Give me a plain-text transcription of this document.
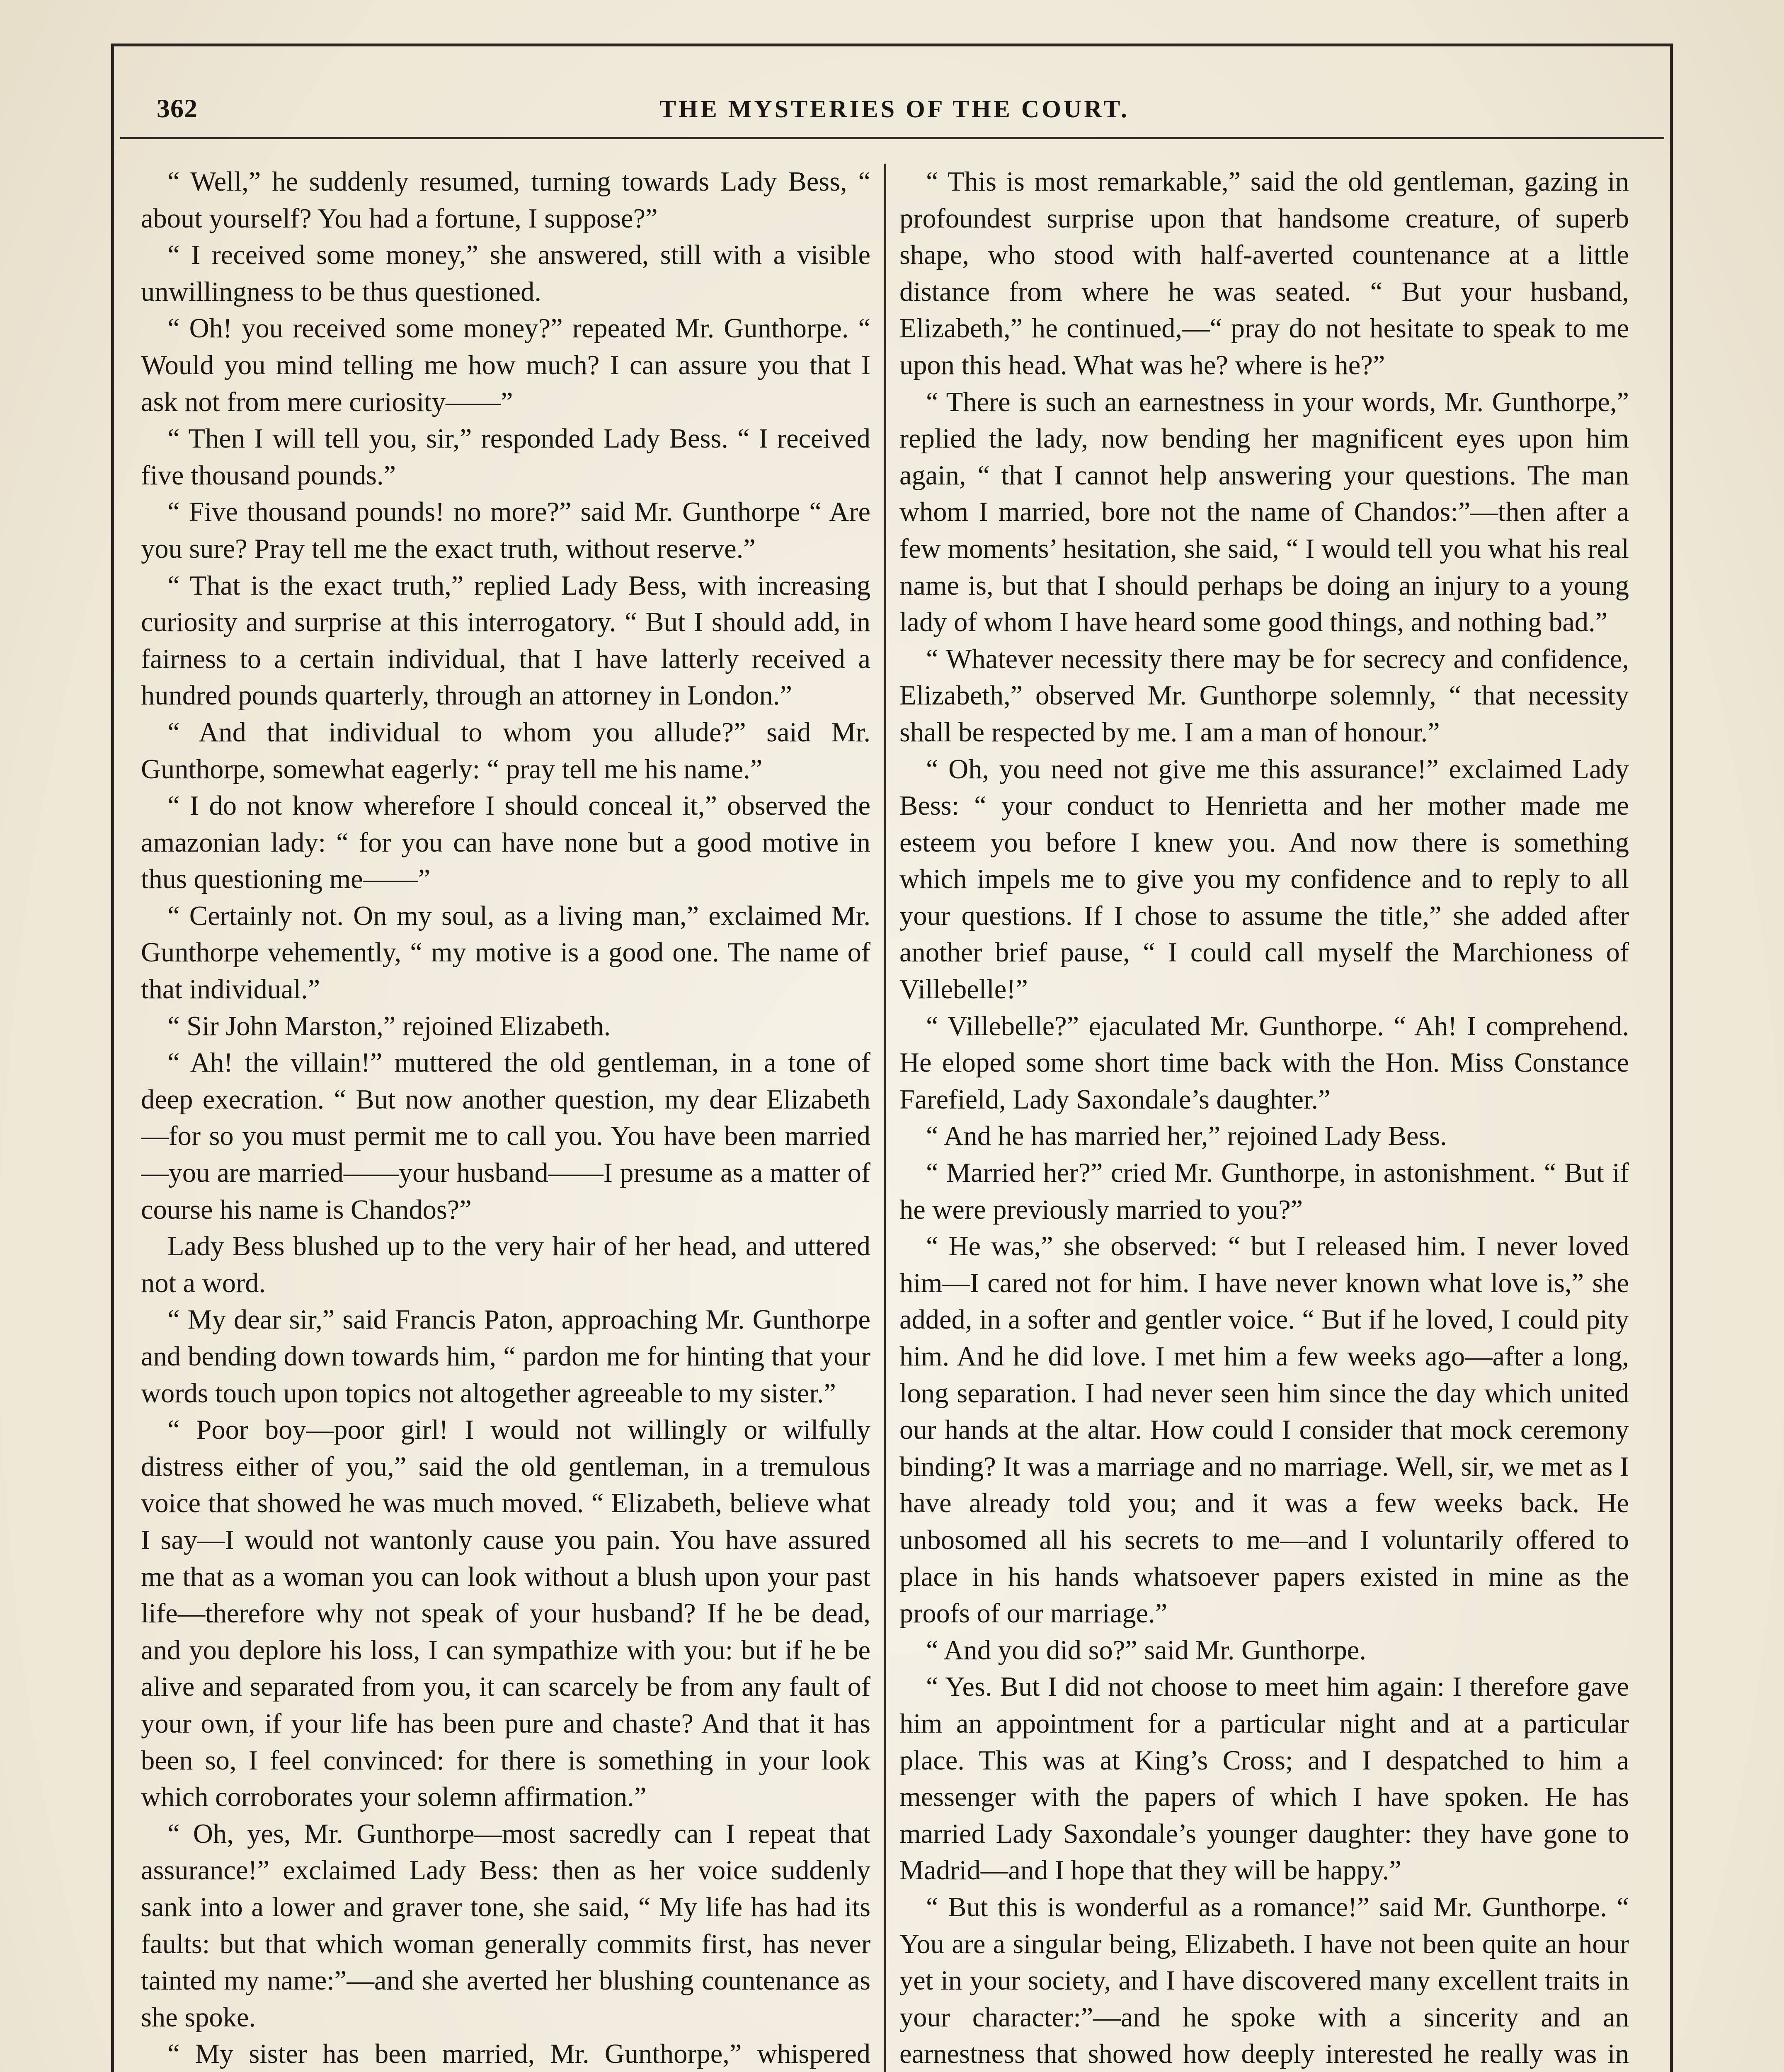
362	THE MYSTERIES OF THE COURT.

“ Well,” he suddenly resumed, turning towards Lady Bess, “ about yourself? You had a fortune, I suppose?”

“ I received some money,” she answered, still with a visible unwillingness to be thus questioned.

“ Oh! you received some money?” repeated Mr. Gunthorpe. “ Would you mind telling me how much? I can assure you that I ask not from mere curiosity——”

“ Then I will tell you, sir,” responded Lady Bess. “ I received five thousand pounds.”

“ Five thousand pounds! no more?” said Mr. Gunthorpe “ Are you sure? Pray tell me the exact truth, without reserve.”

“ That is the exact truth,” replied Lady Bess, with increasing curiosity and surprise at this interrogatory. “ But I should add, in fairness to a certain individual, that I have latterly received a hundred pounds quarterly, through an attorney in London.”

“ And that individual to whom you allude?” said Mr. Gunthorpe, somewhat eagerly: “ pray tell me his name.”

“ I do not know wherefore I should conceal it,” observed the amazonian lady: “ for you can have none but a good motive in thus questioning me——”

“ Certainly not. On my soul, as a living man,” exclaimed Mr. Gunthorpe vehemently, “ my motive is a good one. The name of that individual.”

“ Sir John Marston,” rejoined Elizabeth.

“ Ah! the villain!” muttered the old gentleman, in a tone of deep execration. “ But now another question, my dear Elizabeth—for so you must permit me to call you. You have been married—you are married——your husband——I presume as a matter of course his name is Chandos?”

Lady Bess blushed up to the very hair of her head, and uttered not a word.

“ My dear sir,” said Francis Paton, approaching Mr. Gunthorpe and bending down towards him, “ pardon me for hinting that your words touch upon topics not altogether agreeable to my sister.”

“ Poor boy—poor girl! I would not willingly or wilfully distress either of you,” said the old gentleman, in a tremulous voice that showed he was much moved. “ Elizabeth, believe what I say—I would not wantonly cause you pain. You have assured me that as a woman you can look without a blush upon your past life—therefore why not speak of your husband? If he be dead, and you deplore his loss, I can sympathize with you: but if he be alive and separated from you, it can scarcely be from any fault of your own, if your life has been pure and chaste? And that it has been so, I feel convinced: for there is something in your look which corroborates your solemn affirmation.”

“ Oh, yes, Mr. Gunthorpe—most sacredly can I repeat that assurance!” exclaimed Lady Bess: then as her voice suddenly sank into a lower and graver tone, she said, “ My life has had its faults: but that which woman generally commits first, has never tainted my name:”—and she averted her blushing countenance as she spoke.

“ My sister has been married, Mr. Gunthorpe,” whispered

“ This is most remarkable,” said the old gentleman, gazing in profoundest surprise upon that handsome creature, of superb shape, who stood with half-averted countenance at a little distance from where he was seated. “ But your husband, Elizabeth,” he continued,—“ pray do not hesitate to speak to me upon this head. What was he? where is he?”

“ There is such an earnestness in your words, Mr. Gunthorpe,” replied the lady, now bending her magnificent eyes upon him again, “ that I cannot help answering your questions. The man whom I married, bore not the name of Chandos:”—then after a few moments’ hesitation, she said, “ I would tell you what his real name is, but that I should perhaps be doing an injury to a young lady of whom I have heard some good things, and nothing bad.”

“ Whatever necessity there may be for secrecy and confidence, Elizabeth,” observed Mr. Gunthorpe solemnly, “ that necessity shall be respected by me. I am a man of honour.”

“ Oh, you need not give me this assurance!” exclaimed Lady Bess: “ your conduct to Henrietta and her mother made me esteem you before I knew you. And now there is something which impels me to give you my confidence and to reply to all your questions. If I chose to assume the title,” she added after another brief pause, “ I could call myself the Marchioness of Villebelle!”

“ Villebelle?” ejaculated Mr. Gunthorpe. “ Ah! I comprehend. He eloped some short time back with the Hon. Miss Constance Farefield, Lady Saxondale’s daughter.”

“ And he has married her,” rejoined Lady Bess.

“ Married her?” cried Mr. Gunthorpe, in astonishment. “ But if he were previously married to you?”

“ He was,” she observed: “ but I released him. I never loved him—I cared not for him. I have never known what love is,” she added, in a softer and gentler voice. “ But if he loved, I could pity him. And he did love. I met him a few weeks ago—after a long, long separation. I had never seen him since the day which united our hands at the altar. How could I consider that mock ceremony binding? It was a marriage and no marriage. Well, sir, we met as I have already told you; and it was a few weeks back. He unbosomed all his secrets to me—and I voluntarily offered to place in his hands whatsoever papers existed in mine as the proofs of our marriage.”

“ And you did so?” said Mr. Gunthorpe.

“ Yes. But I did not choose to meet him again: I therefore gave him an appointment for a particular night and at a particular place. This was at King’s Cross; and I despatched to him a messenger with the papers of which I have spoken. He has married Lady Saxondale’s younger daughter: they have gone to Madrid—and I hope that they will be happy.”

“ But this is wonderful as a romance!” said Mr. Gunthorpe. “ You are a singular being, Elizabeth. I have not been quite an hour yet in your society, and I have discovered many excellent traits in your character:”—and he spoke with a sincerity and an earnestness that showed how deeply interested he really was in
